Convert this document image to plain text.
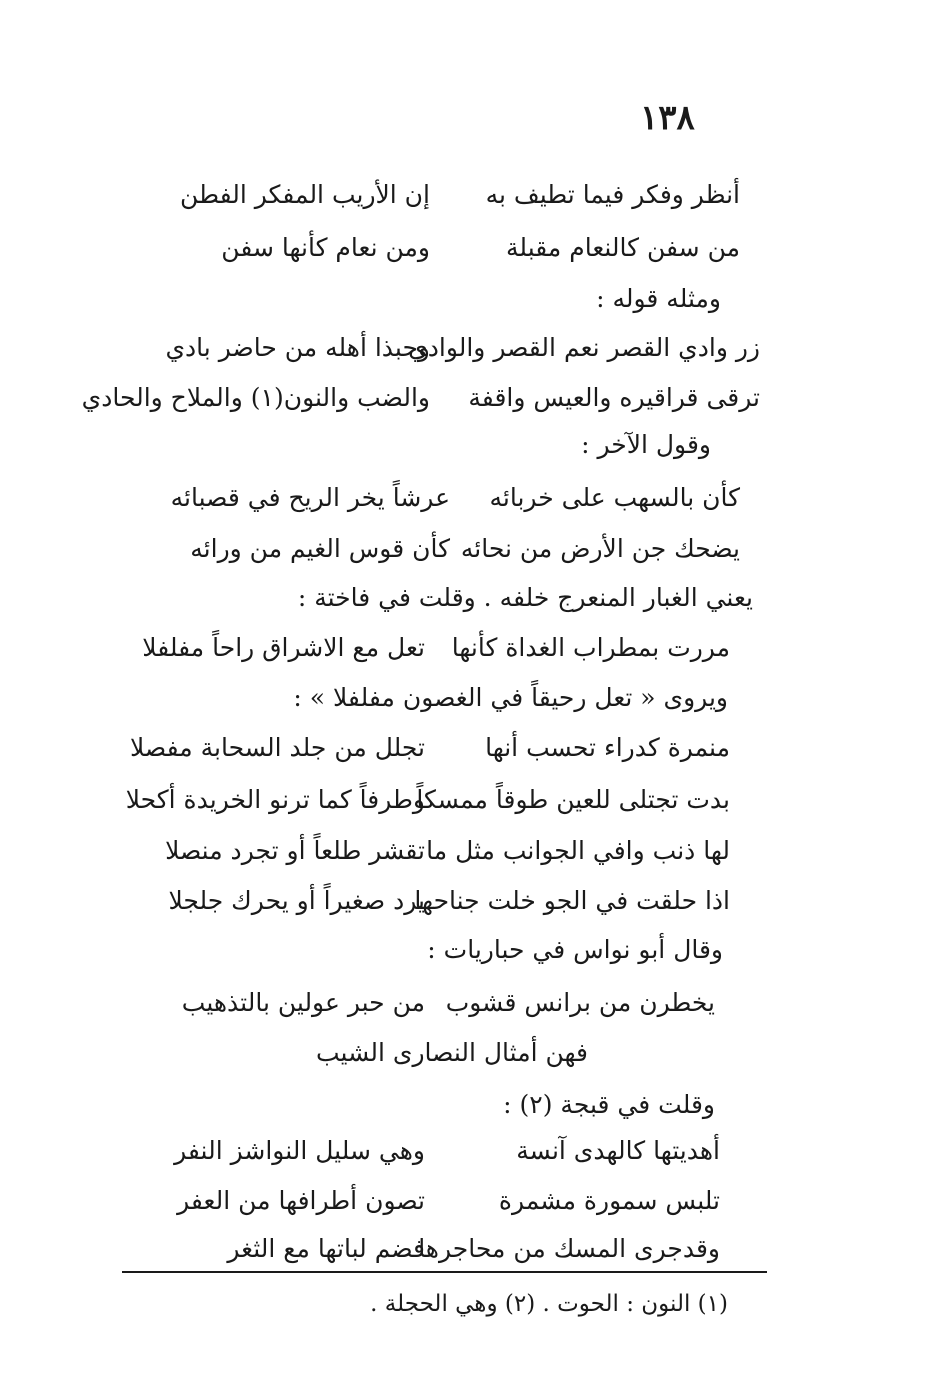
١٣٨
أنظر وفكر فيما تطيف به
إن الأريب المفكر الفطن
من سفن كالنعام مقبلة
ومن نعام كأنها سفن
ومثله قوله :
زر وادي القصر نعم القصر والوادي
وحبذا أهله من حاضر بادي
ترقى قراقيره والعيس واقفة
والضب والنون(١) والملاح والحادي
وقول الآخر :
كأن بالسهب على خربائه
عرشاً يخر الريح في قصبائه
يضحك جن الأرض من نحائه
كأن قوس الغيم من ورائه
يعني الغبار المنعرج خلفه . وقلت في فاختة :
مررت بمطراب الغداة كأنها
تعل مع الاشراق راحاً مفلفلا
ويروى « تعل رحيقاً في الغصون مفلفلا » :
منمرة كدراء تحسب أنها
تجلل من جلد السحابة مفصلا
بدت تجتلى للعين طوقاً ممسكاً
وطرفاً كما ترنو الخريدة أكحلا
لها ذنب وافي الجوانب مثل ما
تقشر طلعاً أو تجرد منصلا
اذا حلقت في الجو خلت جناحها
يرد صغيراً أو يحرك جلجلا
وقال أبو نواس في حباريات :
يخطرن من برانس قشوب
من حبر عولين بالتذهيب
فهن أمثال النصارى الشيب
وقلت في قبجة (٢) :
أهديتها كالهدى آنسة
وهي سليل النواشز النفر
تلبس سمورة مشمرة
تصون أطرافها من العفر
وقدجرى المسك من محاجرها
فضم لباتها مع الثغر
(١) النون : الحوت . (٢) وهي الحجلة .
